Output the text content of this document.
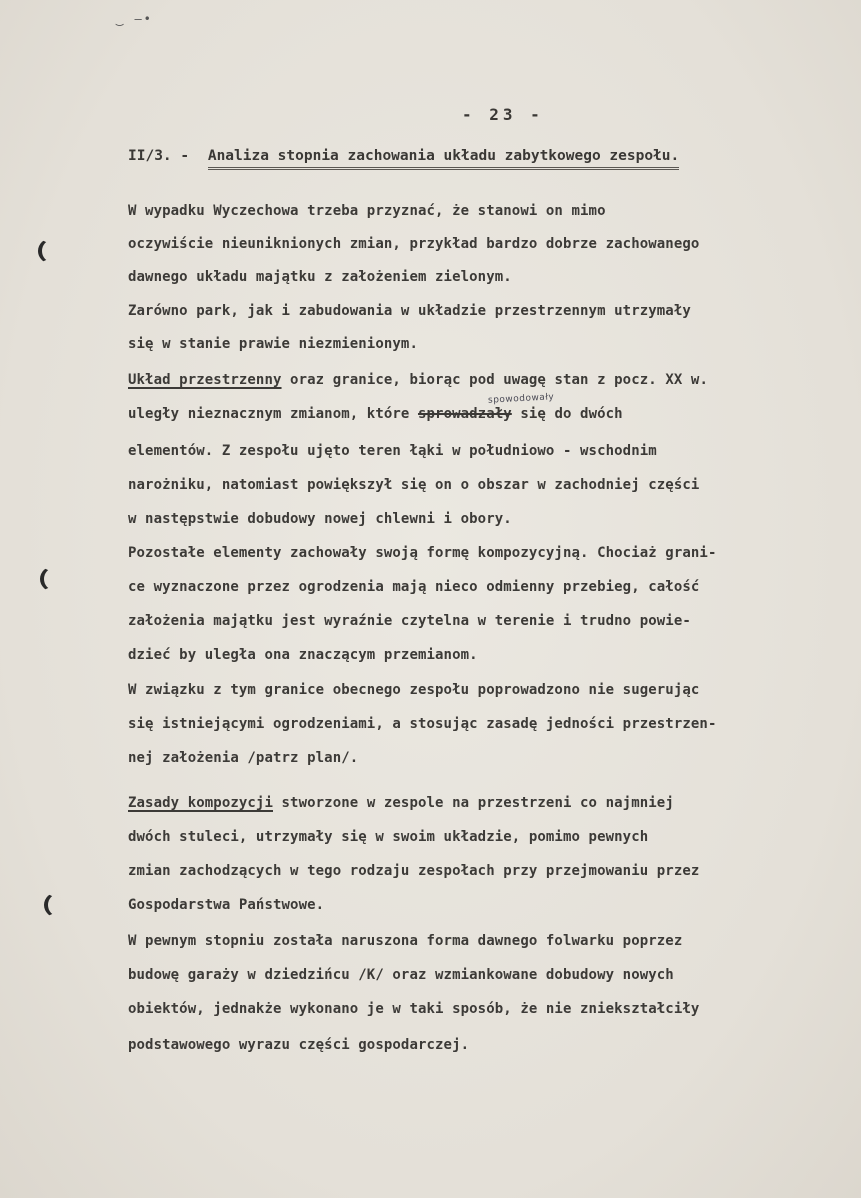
‿ ‒•
- 23 -
II/3. - Analiza stopnia zachowania układu zabytkowego zespołu.
spowodowały
W wypadku Wyczechowa trzeba przyznać, że stanowi on mimo
oczywiście nieuniknionych zmian, przykład bardzo dobrze zachowanego
dawnego układu majątku z założeniem zielonym.
Zarówno park, jak i zabudowania w układzie przestrzennym utrzymały
się w stanie prawie niezmienionym.
Układ przestrzenny oraz granice, biorąc pod uwagę stan z pocz. XX w.
uległy nieznacznym zmianom, które sprowadzały się do dwóch
elementów. Z zespołu ujęto teren łąki w południowo - wschodnim
narożniku, natomiast powiększył się on o obszar w zachodniej części
w następstwie dobudowy nowej chlewni i obory.
Pozostałe elementy zachowały swoją formę kompozycyjną. Chociaż grani-
ce wyznaczone przez ogrodzenia mają nieco odmienny przebieg, całość
założenia majątku jest wyraźnie czytelna w terenie i trudno powie-
dzieć by uległa ona znaczącym przemianom.
W związku z tym granice obecnego zespołu poprowadzono nie sugerując
się istniejącymi ogrodzeniami, a stosując zasadę jedności przestrzen-
nej założenia /patrz plan/.
Zasady kompozycji stworzone w zespole na przestrzeni co najmniej
dwóch stuleci, utrzymały się w swoim układzie, pomimo pewnych
zmian zachodzących w tego rodzaju zespołach przy przejmowaniu przez
Gospodarstwa Państwowe.
W pewnym stopniu została naruszona forma dawnego folwarku poprzez
budowę garaży w dziedzińcu /K/ oraz wzmiankowane dobudowy nowych
obiektów, jednakże wykonano je w taki sposób, że nie zniekształciły
podstawowego wyrazu części gospodarczej.
